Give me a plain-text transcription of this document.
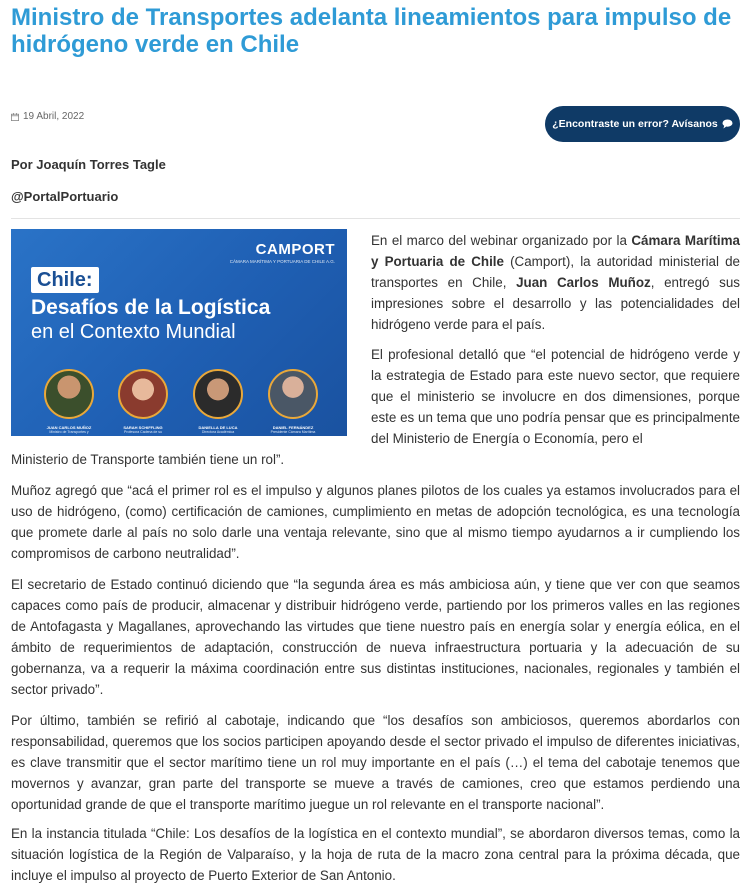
Ministro de Transportes adelanta lineamientos para impulso de hidrógeno verde en Chile
19 Abril, 2022
¿Encontraste un error? Avísanos
Por Joaquín Torres Tagle
@PortalPortuario
CAMPORT
CÁMARA MARÍTIMA Y PORTUARIA DE CHILE A.G.
Chile:
Desafíos de la Logística
en el Contexto Mundial
JUAN CARLOS MUÑOZ
Ministro de Transportes y
SARAH SCHIFFLING
Profesora Cadena de su
DANIELLA DE LUCA
Directora Académica
DANIEL FERNÁNDEZ
Presidente Cámara Marítima

En el marco del webinar organizado por la Cámara Marítima y Portuaria de Chile (Camport), la autoridad ministerial de transportes en Chile, Juan Carlos Muñoz, entregó sus impresiones sobre el desarrollo y las potencialidades del hidrógeno verde para el país.

El profesional detalló que “el potencial de hidrógeno verde y la estrategia de Estado para este nuevo sector, que requiere que el ministerio se involucre en dos dimensiones, porque este es un tema que uno podría pensar que es principalmente del Ministerio de Energía o Economía, pero el

Ministerio de Transporte también tiene un rol”.

Muñoz agregó que “acá el primer rol es el impulso y algunos planes pilotos de los cuales ya estamos involucrados para el uso de hidrógeno, (como) certificación de camiones, cumplimiento en metas de adopción tecnológica, es una tecnología que promete darle al país no solo darle una ventaja relevante, sino que al mismo tiempo ayudarnos a ir cumpliendo los compromisos de carbono neutralidad”.

El secretario de Estado continuó diciendo que “la segunda área es más ambiciosa aún, y tiene que ver con que seamos capaces como país de producir, almacenar y distribuir hidrógeno verde, partiendo por los primeros valles en las regiones de Antofagasta y Magallanes, aprovechando las virtudes que tiene nuestro país en energía solar y energía eólica, en el ámbito de requerimientos de adaptación, construcción de nueva infraestructura portuaria y la adecuación de su gobernanza, va a requerir la máxima coordinación entre sus distintas instituciones, nacionales, regionales y también el sector privado”.

Por último, también se refirió al cabotaje, indicando que “los desafíos son ambiciosos, queremos abordarlos con responsabilidad, queremos que los socios participen apoyando desde el sector privado el impulso de diferentes iniciativas, es clave transmitir que el sector marítimo tiene un rol muy importante en el país (…) el tema del cabotaje tenemos que movernos y avanzar, gran parte del transporte se mueve a través de camiones, creo que estamos perdiendo una oportunidad grande de que el transporte marítimo juegue un rol relevante en el transporte nacional”.

En la instancia titulada “Chile: Los desafíos de la logística en el contexto mundial”, se abordaron diversos temas, como la situación logística de la Región de Valparaíso, y la hoja de ruta de la macro zona central para la próxima década, que incluye el impulso al proyecto de Puerto Exterior de San Antonio.
